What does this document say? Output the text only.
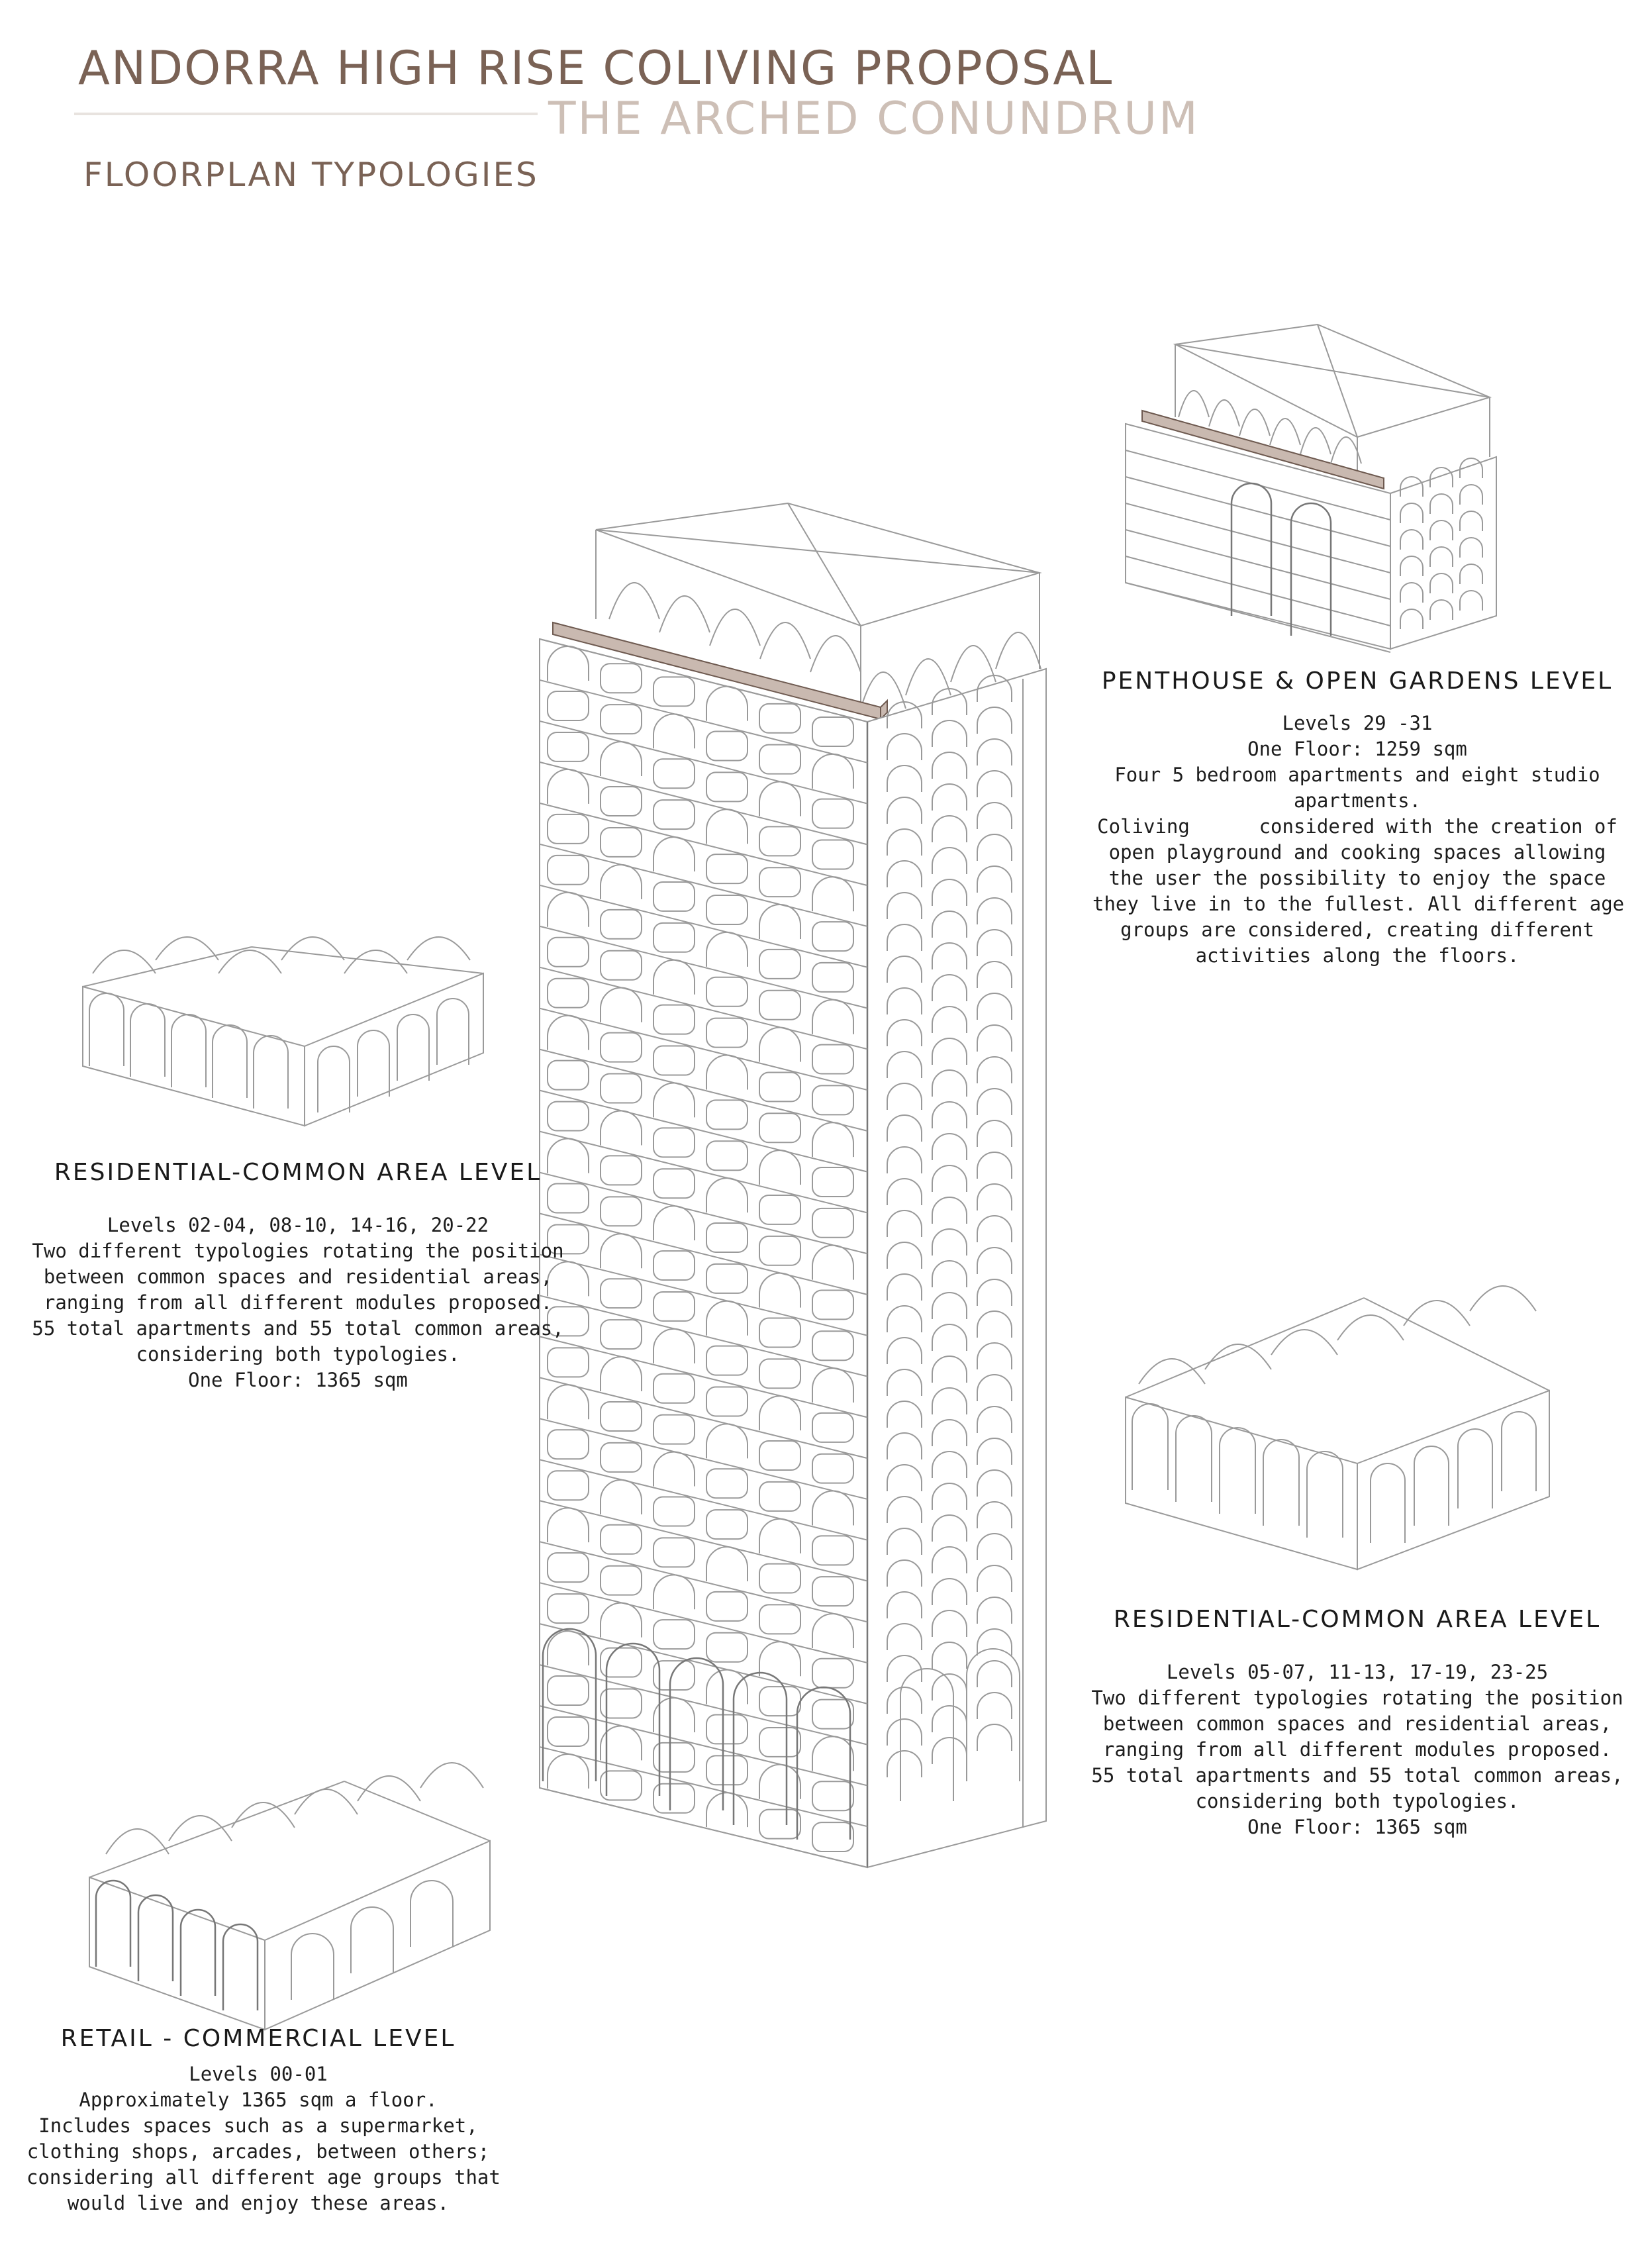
ANDORRA HIGH RISE COLIVING PROPOSAL
THE ARCHED CONUNDRUM
FLOORPLAN TYPOLOGIES
PENTHOUSE & OPEN GARDENS LEVEL
Levels 29 -31
One Floor: 1259 sqm
Four 5 bedroom apartments and eight studio
apartments.
Coliving      considered with the creation of
open playground and cooking spaces allowing
the user the possibility to enjoy the space
they live in to the fullest. All different age
groups are considered, creating different
activities along the floors.
RESIDENTIAL-COMMON AREA LEVEL
Levels 02-04, 08-10, 14-16, 20-22
Two different typologies rotating the position
between common spaces and residential areas,
ranging from all different modules proposed.
55 total apartments and 55 total common areas,
considering both typologies.
One Floor: 1365 sqm
RESIDENTIAL-COMMON AREA LEVEL
Levels 05-07, 11-13, 17-19, 23-25
Two different typologies rotating the position
between common spaces and residential areas,
ranging from all different modules proposed.
55 total apartments and 55 total common areas,
considering both typologies.
One Floor: 1365 sqm
RETAIL - COMMERCIAL LEVEL
Levels 00-01
Approximately 1365 sqm a floor.
Includes spaces such as a supermarket,
clothing shops, arcades, between others;
considering all different age groups that
would live and enjoy these areas.
